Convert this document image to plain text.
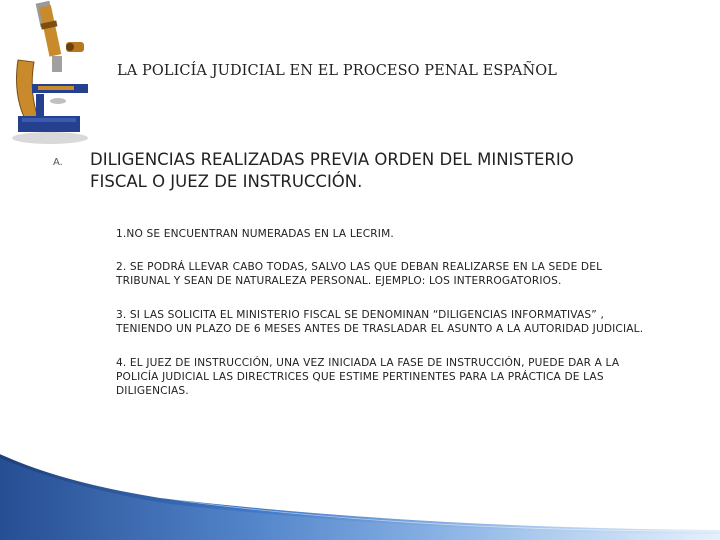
LA POLICÍA JUDICIAL EN EL PROCESO PENAL ESPAÑOL
A. DILIGENCIAS REALIZADAS PREVIA ORDEN DEL MINISTERIO
FISCAL O JUEZ DE INSTRUCCIÓN.
1.NO SE ENCUENTRAN NUMERADAS EN LA LECRIM.
2. SE PODRÁ LLEVAR CABO TODAS, SALVO LAS QUE DEBAN REALIZARSE EN LA SEDE DEL
TRIBUNAL Y SEAN DE NATURALEZA PERSONAL. EJEMPLO: LOS INTERROGATORIOS.
3. SI LAS SOLICITA EL MINISTERIO FISCAL SE DENOMINAN “DILIGENCIAS INFORMATIVAS” ,
TENIENDO UN PLAZO DE 6 MESES ANTES DE TRASLADAR EL ASUNTO A LA AUTORIDAD JUDICIAL.
4. EL JUEZ DE INSTRUCCIÓN, UNA VEZ INICIADA LA FASE DE INSTRUCCIÓN, PUEDE DAR A LA
POLICÍA JUDICIAL LAS DIRECTRICES QUE ESTIME PERTINENTES PARA LA PRÁCTICA DE LAS
DILIGENCIAS.
